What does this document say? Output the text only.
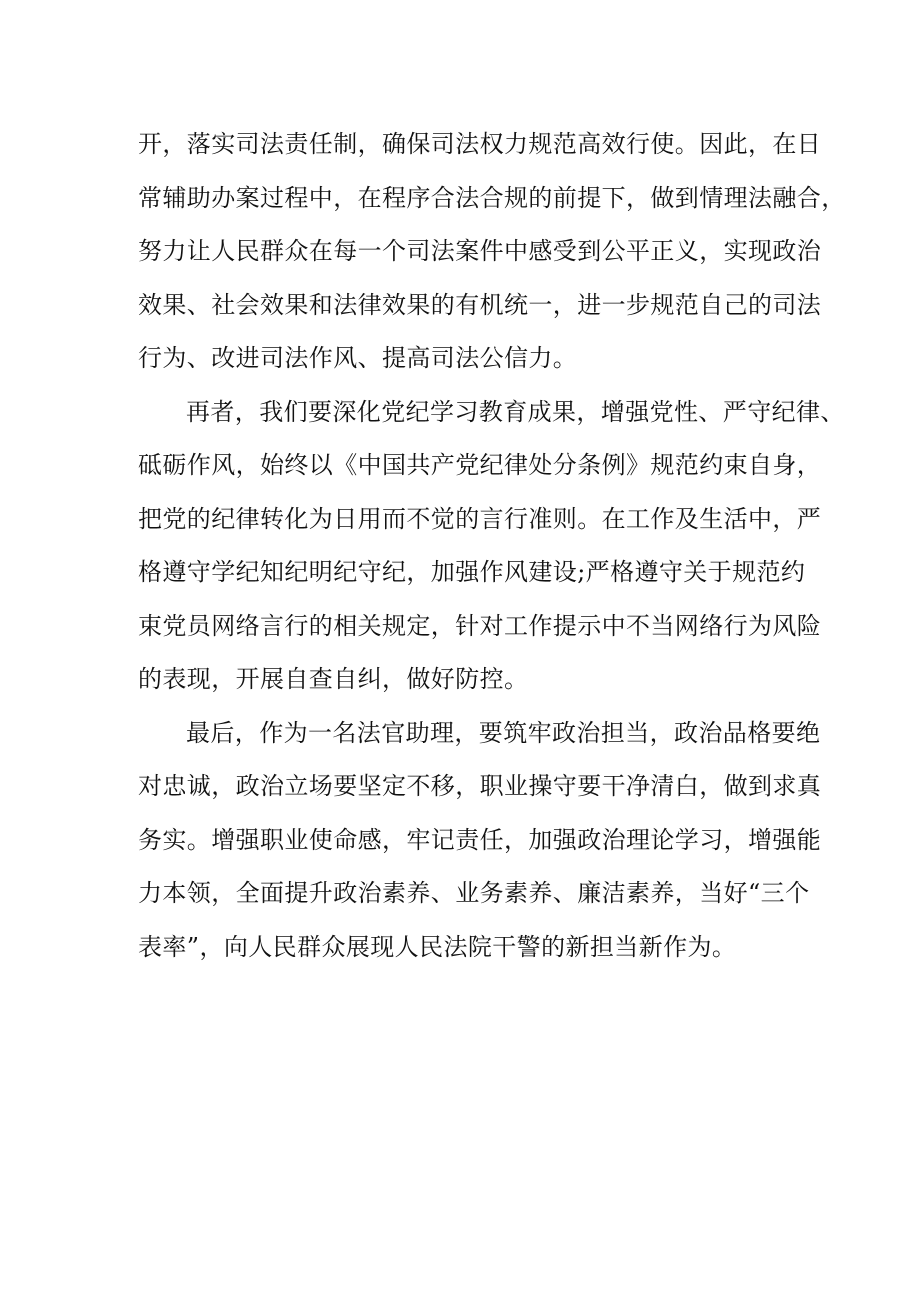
开，落实司法责任制，确保司法权力规范高效行使。因此，在日
常辅助办案过程中，在程序合法合规的前提下，做到情理法融合，
努力让人民群众在每一个司法案件中感受到公平正义，实现政治
效果、社会效果和法律效果的有机统一，进一步规范自己的司法
行为、改进司法作风、提高司法公信力。
再者，我们要深化党纪学习教育成果，增强党性、严守纪律、
砥砺作风，始终以《中国共产党纪律处分条例》规范约束自身，
把党的纪律转化为日用而不觉的言行准则。在工作及生活中，严
格遵守学纪知纪明纪守纪，加强作风建设;严格遵守关于规范约
束党员网络言行的相关规定，针对工作提示中不当网络行为风险
的表现，开展自查自纠，做好防控。
最后，作为一名法官助理，要筑牢政治担当，政治品格要绝
对忠诚，政治立场要坚定不移，职业操守要干净清白，做到求真
务实。增强职业使命感，牢记责任，加强政治理论学习，增强能
力本领，全面提升政治素养、业务素养、廉洁素养，当好“三个
表率”，向人民群众展现人民法院干警的新担当新作为。
